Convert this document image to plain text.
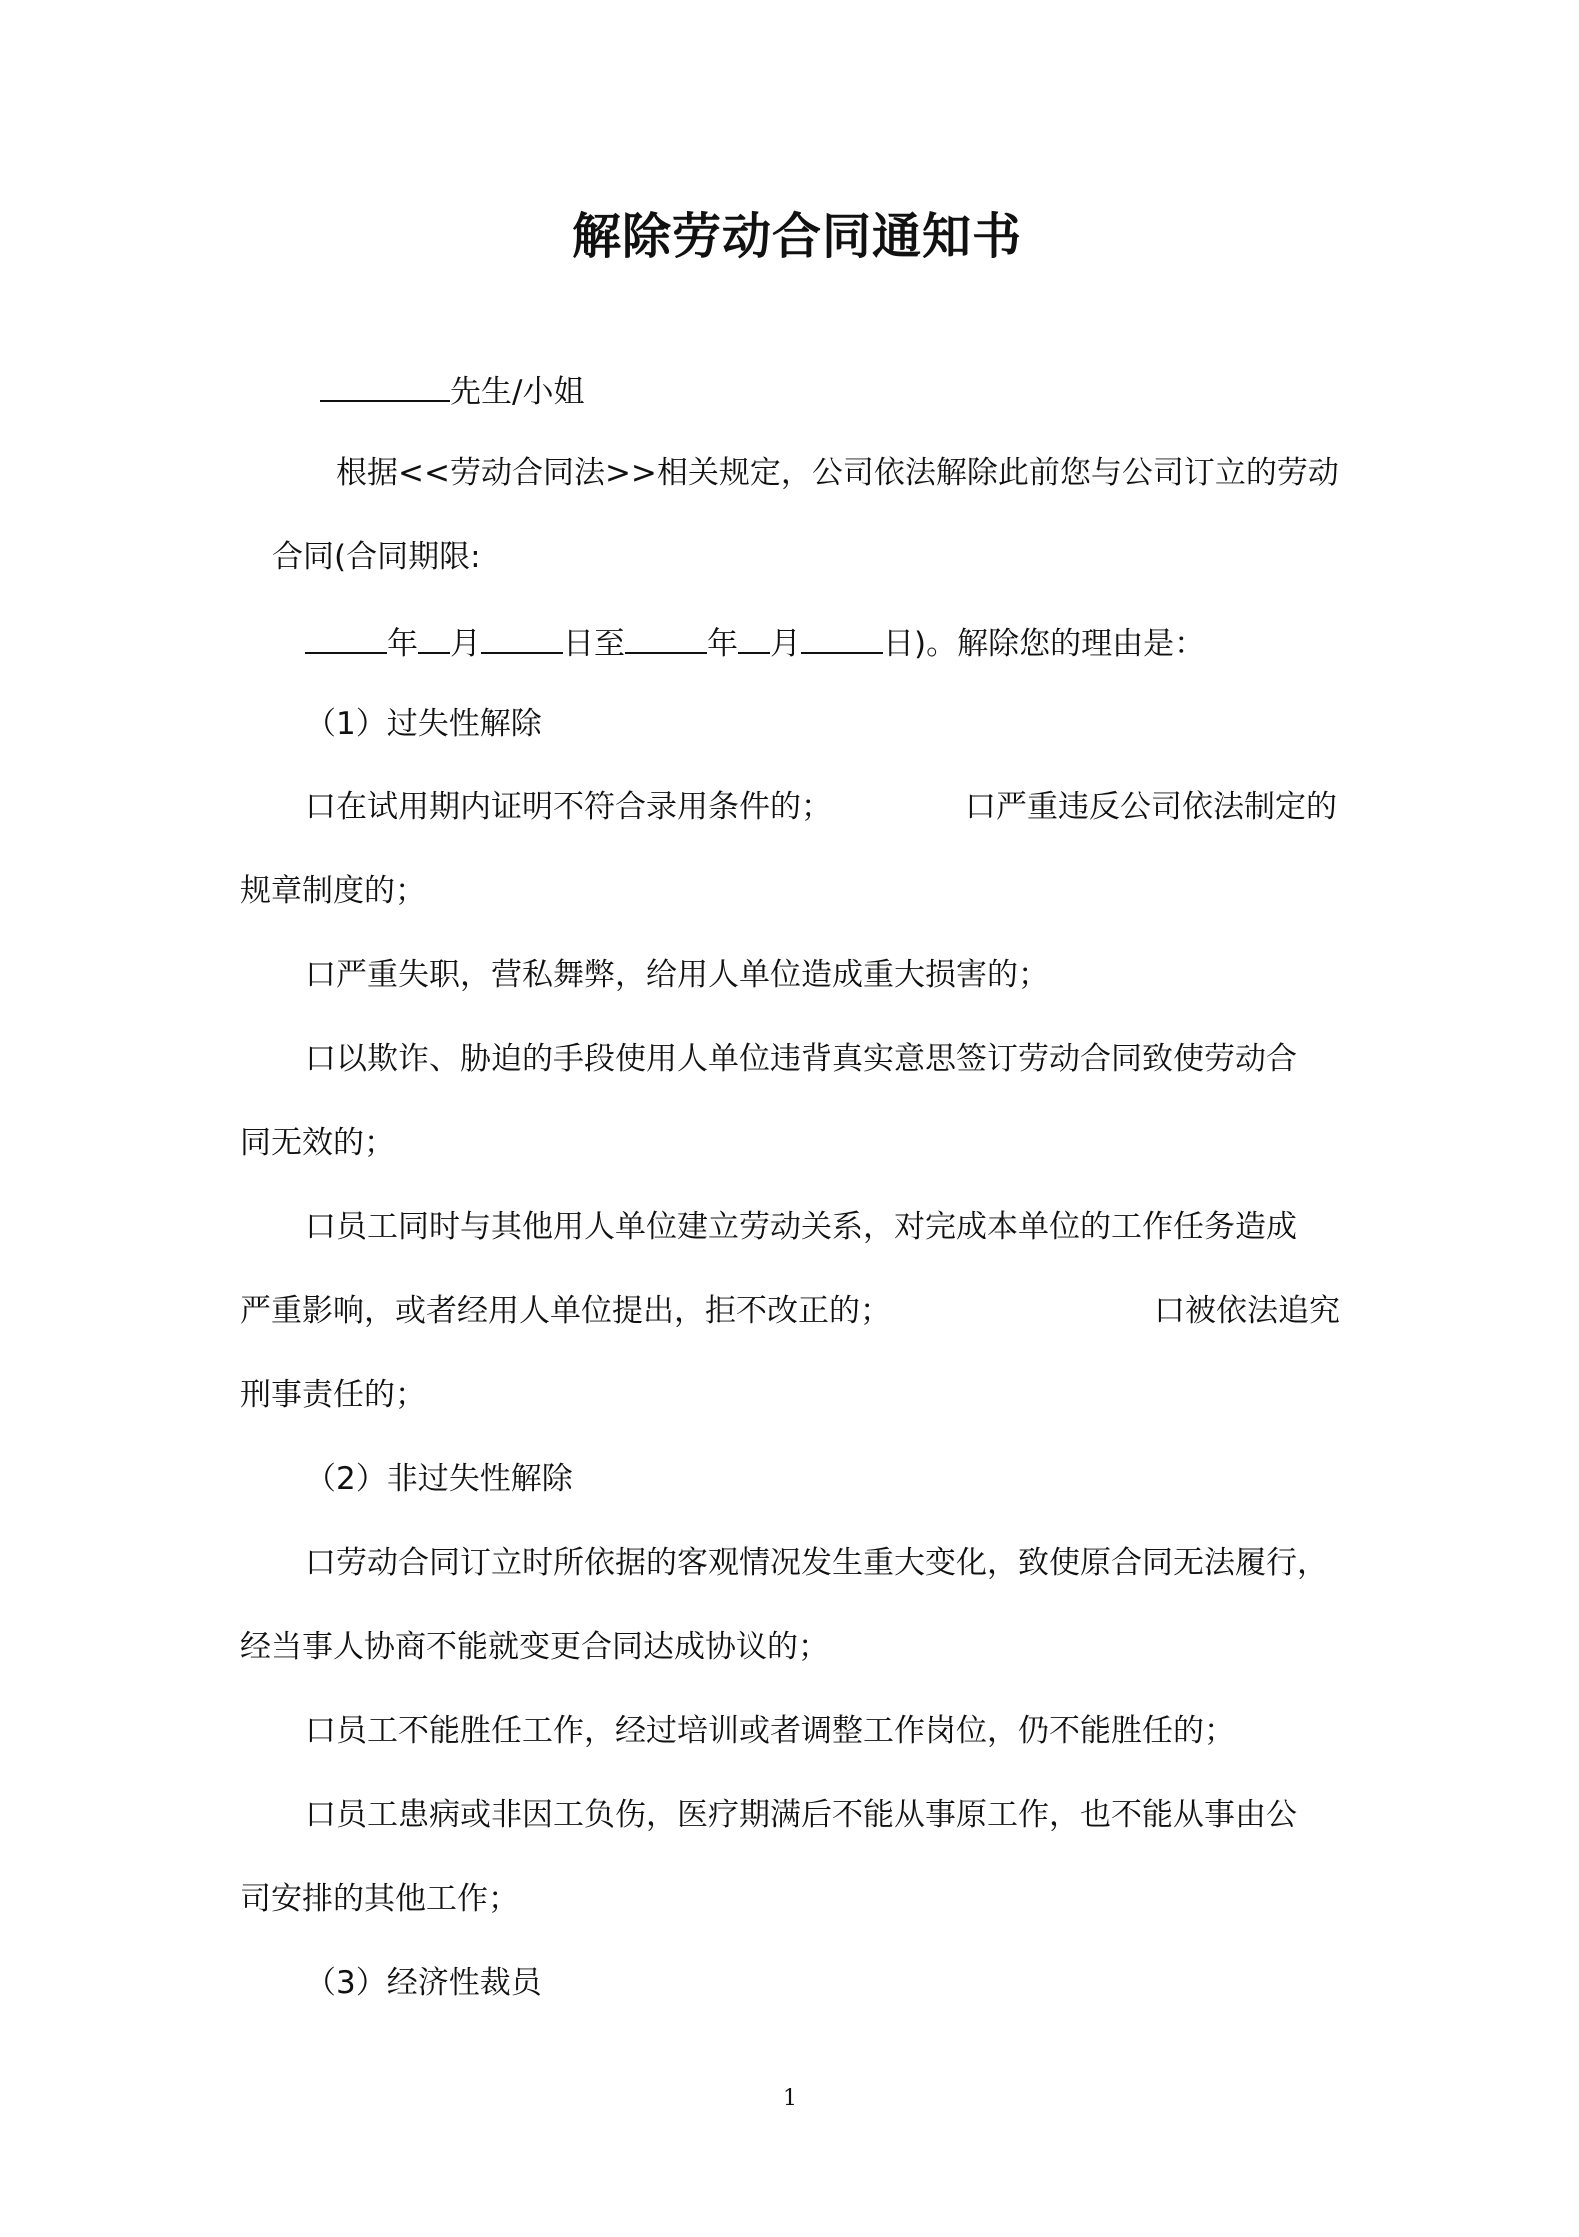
解除劳动合同通知书

先生/小姐

根据<<劳动合同法>>相关规定，公司依法解除此前您与公司订立的劳动

合同(合同期限:

年 月	日至	年 月	日)。解除您的理由是：

（1）过失性解除

口在试用期内证明不符合录用条件的；	口严重违反公司依法制定的

规章制度的；

口严重失职，营私舞弊，给用人单位造成重大损害的；

口以欺诈、胁迫的手段使用人单位违背真实意思签订劳动合同致使劳动合

同无效的；

口员工同时与其他用人单位建立劳动关系，对完成本单位的工作任务造成

严重影响，或者经用人单位提出，拒不改正的；	口被依法追究

刑事责任的；

（2）非过失性解除

口劳动合同订立时所依据的客观情况发生重大变化，致使原合同无法履行，

经当事人协商不能就变更合同达成协议的；

口员工不能胜任工作，经过培训或者调整工作岗位，仍不能胜任的；

口员工患病或非因工负伤，医疗期满后不能从事原工作，也不能从事由公

司安排的其他工作；

（3）经济性裁员

1
